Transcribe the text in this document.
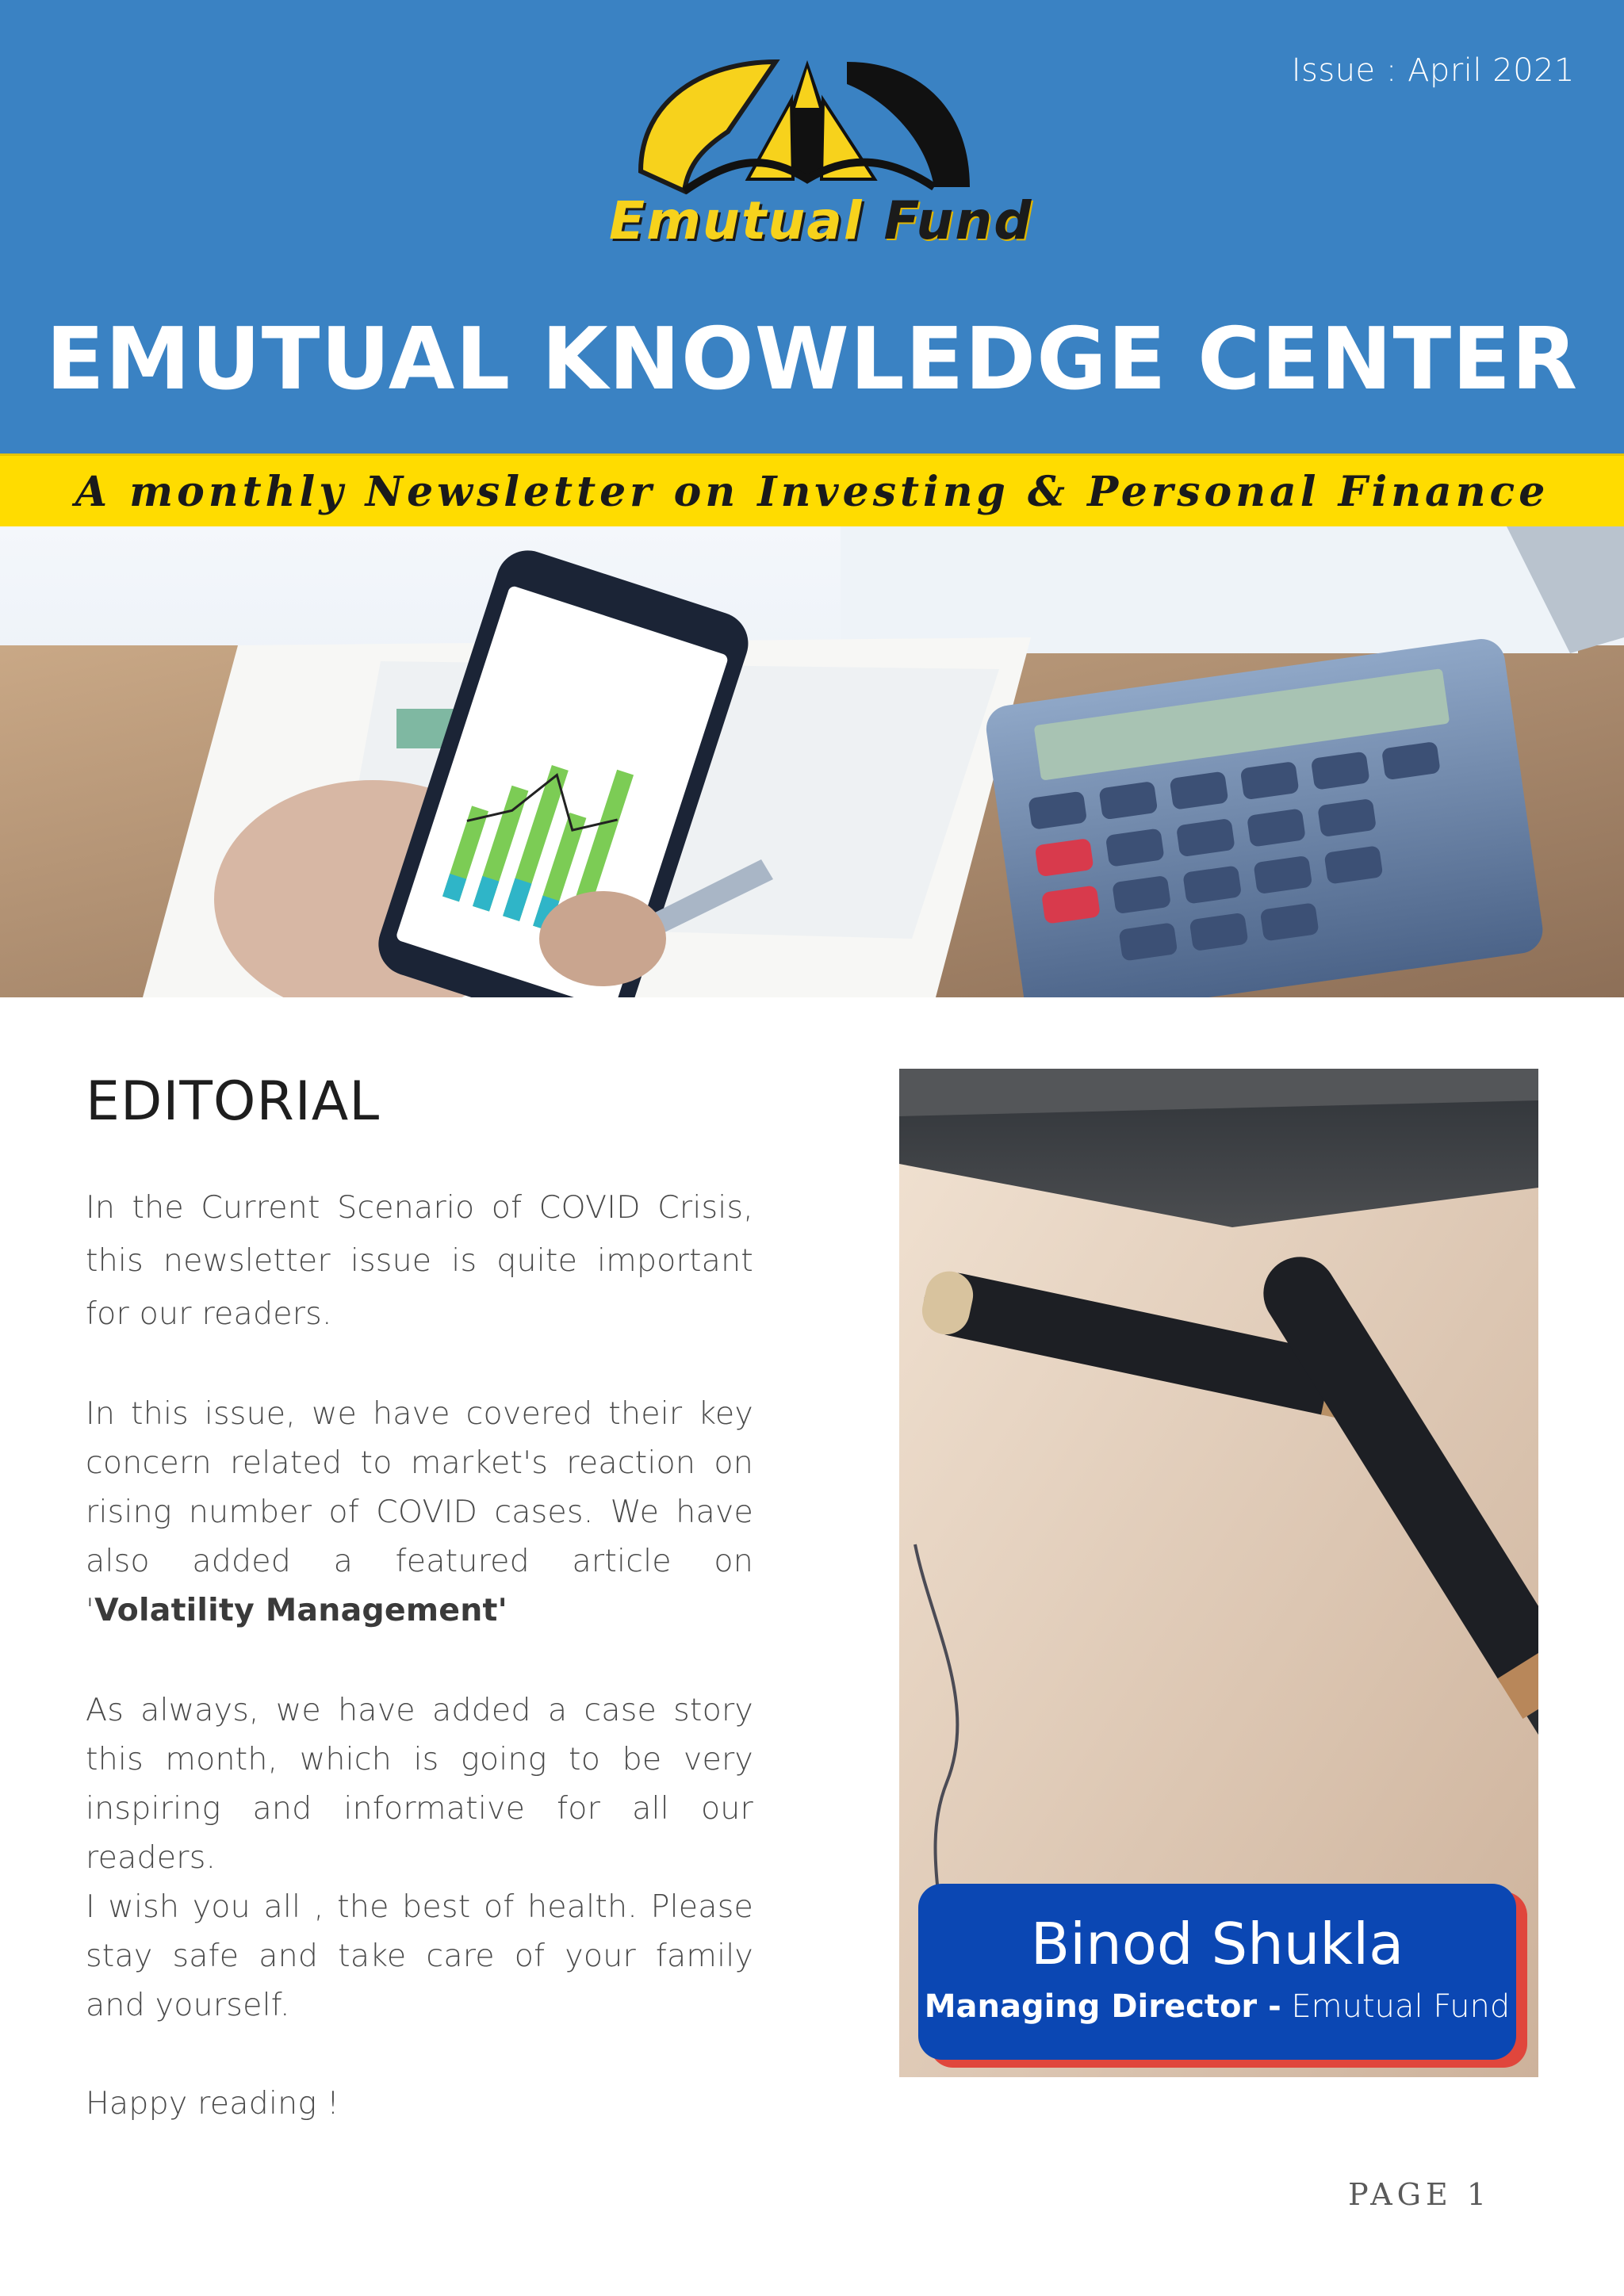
Issue : April 2021
Emutual Fund
EMUTUAL KNOWLEDGE CENTER
A monthly Newsletter on Investing & Personal Finance
EDITORIAL

In the Current Scenario of COVID Crisis, this newsletter issue is quite important for our readers.

In this issue, we have covered their key concern related to market's reaction on rising number of COVID cases. We have also added a featured article on 'Volatility Management'

As always, we have added a case story this month, which is going to be very inspiring and informative for all our readers.

I wish you all , the best of health. Please stay safe and take care of your family and yourself.

Happy reading !

Binod Shukla
Managing Director - Emutual Fund
PAGE 1
